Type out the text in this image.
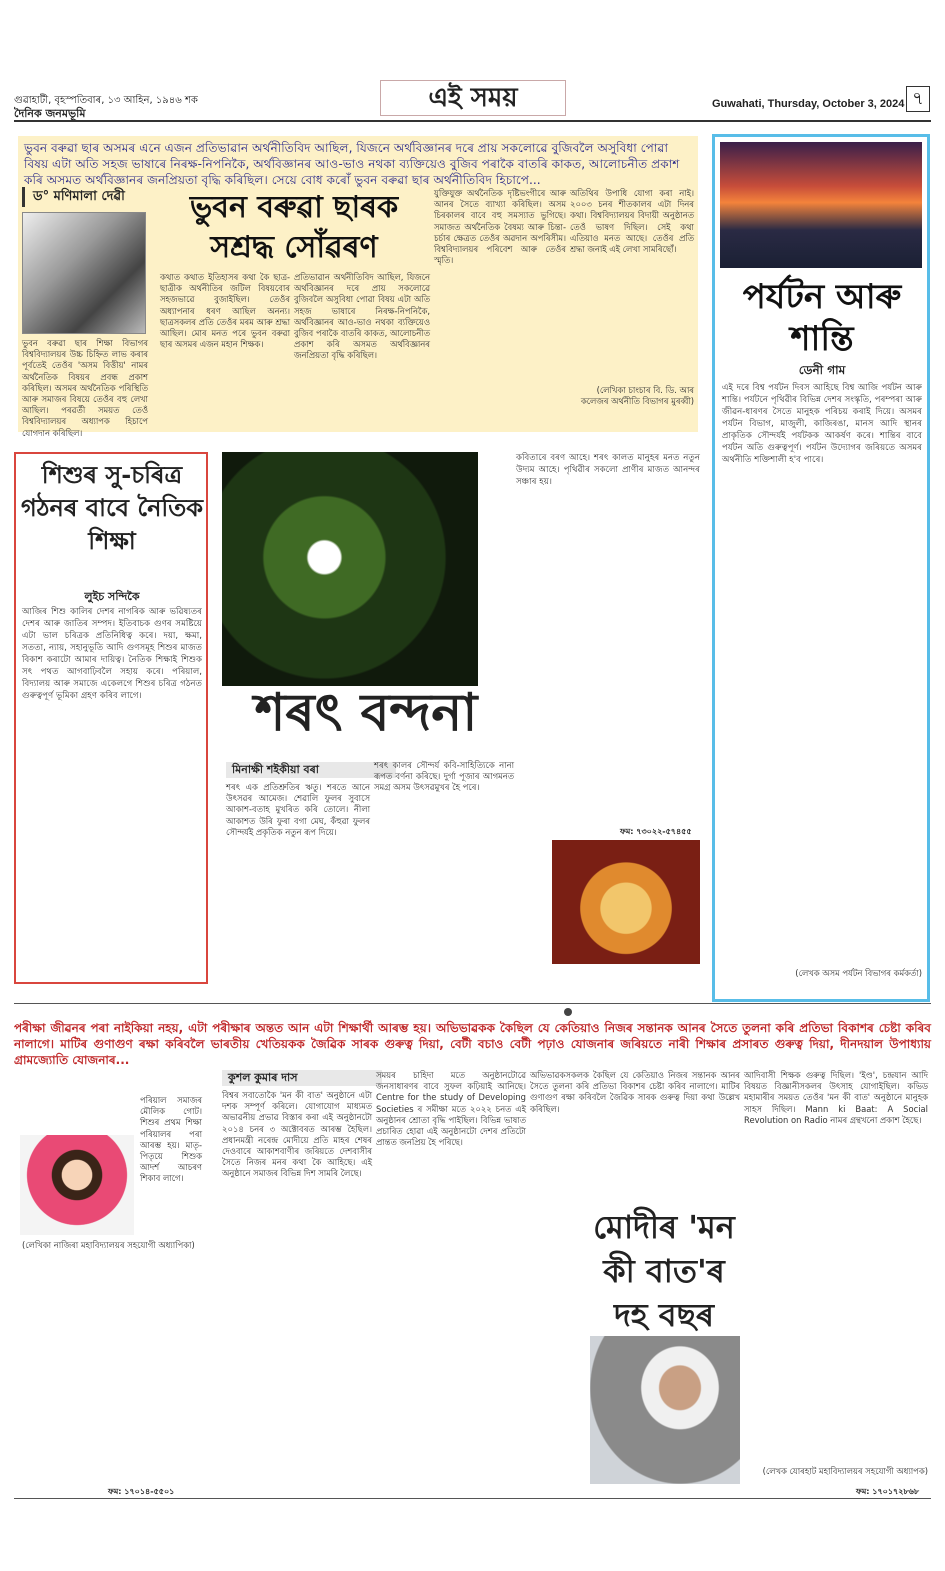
গুৱাহাটী, বৃহস্পতিবাৰ, ১৩ আহিন, ১৯৪৬ শক
দৈনিক জনমভূমি
এই সময়	Guwahati, Thursday, October 3, 2024 ৭
ভুবন বৰুৱা ছাৰ অসমৰ এনে এজন প্ৰতিভাৱান অৰ্থনীতিবিদ আছিল, যিজনে অৰ্থবিজ্ঞানৰ দৰে প্ৰায় সকলোৱে বুজিবলৈ অসুবিধা পোৱা বিষয় এটা অতি সহজ ভাষাৰে নিৰক্ষ-নিপনিকৈ, অৰ্থবিজ্ঞানৰ আও-ভাও নথকা ব্যক্তিয়েও বুজিব পৰাকৈ বাতৰি কাকত, আলোচনীত প্ৰকাশ কৰি অসমত অৰ্থবিজ্ঞানৰ জনপ্ৰিয়তা বৃদ্ধি কৰিছিল। সেয়ে বোধ কৰোঁ ভুবন বৰুৱা ছাৰ অৰ্থনীতিবিদ হিচাপে...
ড° মণিমালা দেৱী	ভুবন বৰুৱা ছাৰক সশ্ৰদ্ধ সোঁৱৰণ
ভুবন বৰুৱা ছাৰ শিক্ষা বিভাগৰ বিশ্ববিদ্যালয়ৰ উচ্চ চিহ্নিত লাভ কৰাৰ পূৰ্বতেই তেওঁৰ 'অসম বিত্তীয়' নামৰ অৰ্থনৈতিক বিষয়ৰ প্ৰবন্ধ প্ৰকাশ কৰিছিল। অসমৰ অৰ্থনৈতিক পৰিস্থিতি আৰু সমাজৰ বিষয়ে তেওঁৰ বহু লেখা আছিল। পৰৱৰ্তী সময়ত তেওঁ বিশ্ববিদ্যালয়ৰ অধ্যাপক হিচাপে যোগদান কৰিছিল।
কথাত কথাত ইতিহাসৰ কথা কৈ ছাত্ৰ-ছাত্ৰীক অৰ্থনীতিৰ জটিল বিষয়বোৰ সহজভাৱে বুজাইছিল। তেওঁৰ অধ্যাপনাৰ ধৰণ আছিল অনন্য। ছাত্ৰসকলৰ প্ৰতি তেওঁৰ মৰম আৰু শ্ৰদ্ধা আছিল। মোৰ মনত পৰে ভুবন বৰুৱা ছাৰ অসমৰ এজন মহান শিক্ষক।
প্ৰতিভাৱান অৰ্থনীতিবিদ আছিল, যিজনে অৰ্থবিজ্ঞানৰ দৰে প্ৰায় সকলোৱে বুজিবলৈ অসুবিধা পোৱা বিষয় এটা অতি সহজ ভাষাৰে নিৰক্ষ-নিপনিকৈ, অৰ্থবিজ্ঞানৰ আও-ভাও নথকা ব্যক্তিয়েও বুজিব পৰাকৈ বাতৰি কাকত, আলোচনীত প্ৰকাশ কৰি অসমত অৰ্থবিজ্ঞানৰ জনপ্ৰিয়তা বৃদ্ধি কৰিছিল।
যুক্তিযুক্ত অৰ্থনৈতিক দৃষ্টিভংগীৰে আৰু আনৰ সৈতে ব্যাখ্যা কৰিছিল। অসম চিৰকালৰ বাবে বহু সমস্যাত ভুগিছে। সমাজত অৰ্থনৈতিক বৈষম্য আৰু চিন্তা-চৰ্চাৰ ক্ষেত্ৰত তেওঁৰ অৱদান অপৰিসীম। বিশ্ববিদ্যালয়ৰ পৰিবেশ আৰু তেওঁৰ স্মৃতি।
অতিথিৰ উপাধি যোগা কৰা নাই। ২০০৩ চনৰ শীতকালৰ এটা দিনৰ কথা। বিশ্ববিদ্যালয়ৰ বিদায়ী অনুষ্ঠানত তেওঁ ভাষণ দিছিল। সেই কথা এতিয়াও মনত আছে। তেওঁৰ প্ৰতি শ্ৰদ্ধা জনাই এই লেখা সামৰিছোঁ।
(লেখিকা চাংচাৰ বি. ডি. আৰ কলেজৰ অৰ্থনীতি বিভাগৰ মুৰব্বী)
পৰ্যটন আৰু শান্তি
ডেনী গাম
এই দৰে বিশ্ব পৰ্যটন দিবস আহিছে বিশ্ব আজি পৰ্যটন আৰু শান্তি। পৰ্যটনে পৃথিৱীৰ বিভিন্ন দেশৰ সংস্কৃতি, পৰম্পৰা আৰু জীৱন-ধাৰণৰ সৈতে মানুহক পৰিচয় কৰাই দিয়ে। অসমৰ পৰ্যটন বিভাগ, মাজুলী, কাজিৰঙা, মানস আদি স্থানৰ প্ৰাকৃতিক সৌন্দৰ্যই পৰ্যটকক আকৰ্ষণ কৰে। শান্তিৰ বাবে পৰ্যটন অতি গুৰুত্বপূৰ্ণ। পৰ্যটন উদ্যোগৰ জৰিয়তে অসমৰ অৰ্থনীতি শক্তিশালী হ'ব পাৰে।
(লেখক অসম পৰ্যটন বিভাগৰ কৰ্মকৰ্তা)
শিশুৰ সু-চৰিত্ৰ গঠনৰ বাবে নৈতিক শিক্ষা
লুইচ সন্দিকৈ
আজিৰ শিশু কালিৰ দেশৰ নাগৰিক আৰু ভৱিষ্যতৰ দেশৰ আৰু জাতিৰ সম্পদ। ইতিবাচক গুণৰ সমষ্টিয়ে এটা ভাল চৰিত্ৰক প্ৰতিনিধিত্ব কৰে। দয়া, ক্ষমা, সততা, ন্যায়, সহানুভূতি আদি গুণসমূহ শিশুৰ মাজত বিকাশ কৰাটো আমাৰ দায়িত্ব। নৈতিক শিক্ষাই শিশুক সৎ পথত আগবাঢ়িবলৈ সহায় কৰে। পৰিয়াল, বিদ্যালয় আৰু সমাজে একেলগে শিশুৰ চৰিত্ৰ গঠনত গুৰুত্বপূৰ্ণ ভূমিকা গ্ৰহণ কৰিব লাগে।
পৰিয়াল সমাজৰ মৌলিক গোট। শিশুৰ প্ৰথম শিক্ষা পৰিয়ালৰ পৰা আৰম্ভ হয়। মাতৃ-পিতৃয়ে শিশুক আদৰ্শ আচৰণ শিকাব লাগে।
(লেখিকা নাজিৰা মহাবিদ্যালয়ৰ সহযোগী অধ্যাপিকা)
ফম: ১৭০১৪-৫৫০১
শৰৎ বন্দনা
মিনাক্ষী শইকীয়া বৰা
শৰৎ এক প্ৰতিশ্ৰুতিৰ ঋতু। শৰতে আনে উৎসৱৰ আমেজ। শেৱালি ফুলৰ সুবাসে আকাশ-বতাহ মুখৰিত কৰি তোলে। নীলা আকাশত উৰি ফুৰা বগা মেঘ, কঁহুৱা ফুলৰ সৌন্দৰ্যই প্ৰকৃতিক নতুন ৰূপ দিয়ে।
শৰৎ কালৰ সৌন্দৰ্য কবি-সাহিত্যিকে নানা ৰূপত বৰ্ণনা কৰিছে। দুৰ্গা পূজাৰ আগমনত সমগ্ৰ অসম উৎসৱমুখৰ হৈ পৰে।
কবিতাৰে বৰণ আহে। শৰৎ কালত মানুহৰ মনত নতুন উদ্যম আহে। পৃথিৱীৰ সকলো প্ৰাণীৰ মাজত আনন্দৰ সঞ্চাৰ হয়।
ফম: ৭৩০২২-৫৭৪৫৫
পৰীক্ষা জীৱনৰ পৰা নাইকিয়া নহয়, এটা পৰীক্ষাৰ অন্তত আন এটা শিক্ষাৰ্থী আৰম্ভ হয়। অভিভাৱকক কৈছিল যে কেতিয়াও নিজৰ সন্তানক আনৰ সৈতে তুলনা কৰি প্ৰতিভা বিকাশৰ চেষ্টা কৰিব নালাগে। মাটিৰ গুণাগুণ ৰক্ষা কৰিবলৈ ভাৰতীয় খেতিয়কক জৈৱিক সাৰক গুৰুত্ব দিয়া, বেটী বচাও বেটী পঢ়াও যোজনাৰ জৰিয়তে নাৰী শিক্ষাৰ প্ৰসাৰত গুৰুত্ব দিয়া, দীনদয়াল উপাধ্যায় গ্ৰামজ্যোতি যোজনাৰ...
কুশল কুমাৰ দাস
বিশ্বৰ সবাতোকৈ 'মন কী বাত' অনুষ্ঠানে এটা দশক সম্পূৰ্ণ কৰিলে। যোগাযোগ মাধ্যমত অভাৱনীয় প্ৰভাৱ বিস্তাৰ কৰা এই অনুষ্ঠানটো ২০১৪ চনৰ ৩ অক্টোবৰত আৰম্ভ হৈছিল। প্ৰধানমন্ত্ৰী নৰেন্দ্ৰ মোদীয়ে প্ৰতি মাহৰ শেষৰ দেওবাৰে আকাশবাণীৰ জৰিয়তে দেশবাসীৰ সৈতে নিজৰ মনৰ কথা কৈ আহিছে। এই অনুষ্ঠানে সমাজৰ বিভিন্ন দিশ সামৰি লৈছে।
সময়ৰ চাহিদা মতে অনুষ্ঠানটোৱে জনসাধাৰণৰ বাবে সুফল কঢ়িয়াই আনিছে। Centre for the study of Developing Societies ৰ সমীক্ষা মতে ২০২২ চনত এই অনুষ্ঠানৰ শ্ৰোতা বৃদ্ধি পাইছিল। বিভিন্ন ভাষাত প্ৰচাৰিত হোৱা এই অনুষ্ঠানটো দেশৰ প্ৰতিটো প্ৰান্তত জনপ্ৰিয় হৈ পৰিছে।
অভিভাৱকসকলক কৈছিল যে কেতিয়াও নিজৰ সন্তানক আনৰ সৈতে তুলনা কৰি প্ৰতিভা বিকাশৰ চেষ্টা কৰিব নালাগে। মাটিৰ গুণাগুণ ৰক্ষা কৰিবলৈ জৈৱিক সাৰক গুৰুত্ব দিয়া কথা উল্লেখ কৰিছিল।
মোদীৰ 'মন কী বাত'ৰ দহ বছৰ
আদিবাসী শিক্ষক গুৰুত্ব দিছিল। 'ইণ্ড', চন্দ্ৰযান আদি বিষয়ত বিজ্ঞানীসকলৰ উৎসাহ যোগাইছিল। কভিড মহামাৰীৰ সময়ত তেওঁৰ 'মন কী বাত' অনুষ্ঠানে মানুহক সাহস দিছিল। Mann ki Baat: A Social Revolution on Radio নামৰ গ্ৰন্থখনো প্ৰকাশ হৈছে।
(লেখক যোৰহাট মহাবিদ্যালয়ৰ সহযোগী অধ্যাপক)
ফম: ১৭০১৭২৮৬৮
